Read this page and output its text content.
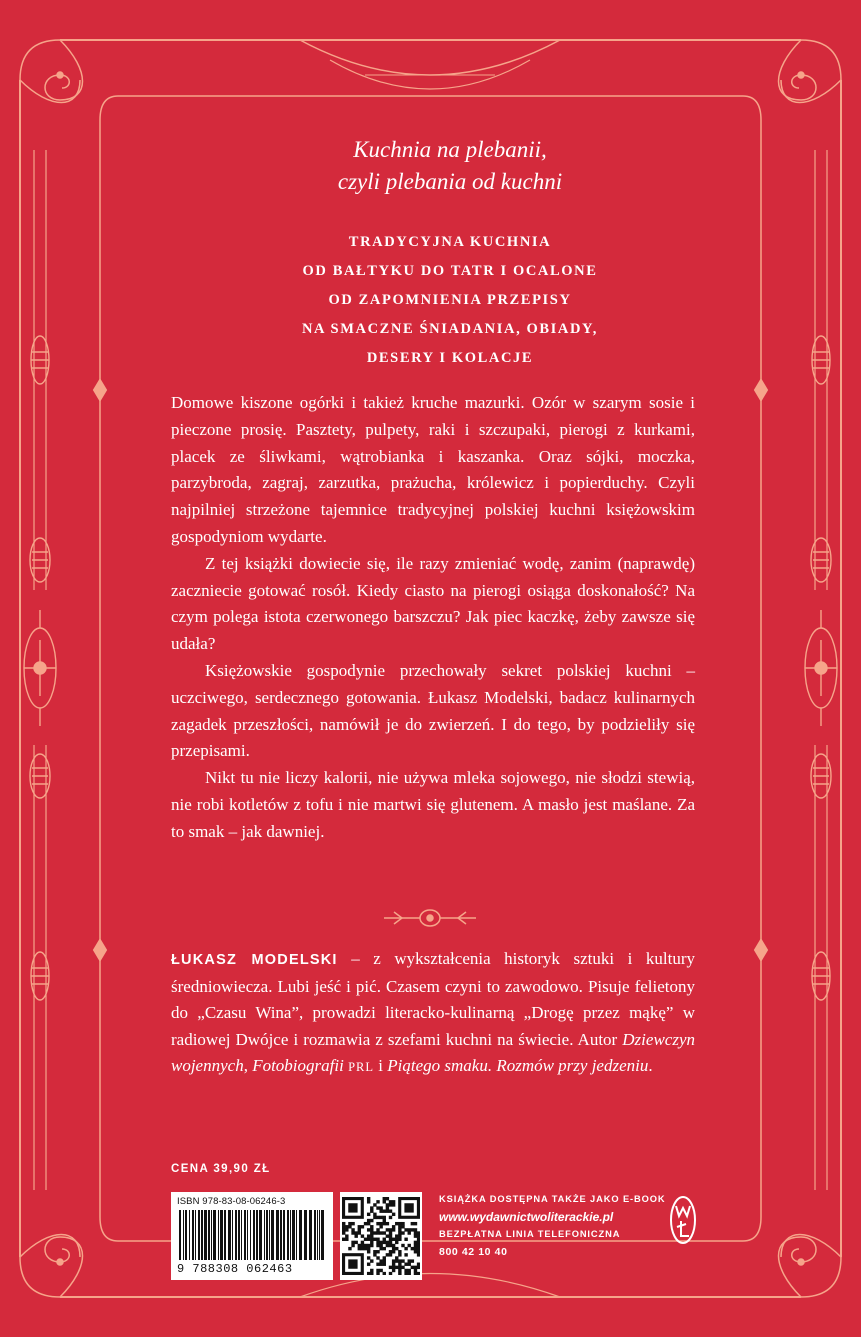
Kuchnia na plebanii,
czyli plebania od kuchni
TRADYCYJNA KUCHNIA
OD BAŁTYKU DO TATR I OCALONE
OD ZAPOMNIENIA PRZEPISY
NA SMACZNE ŚNIADANIA, OBIADY,
DESERY I KOLACJE

Domowe kiszone ogórki i takież kruche mazurki. Ozór w szarym sosie i pieczone prosię. Pasztety, pulpety, raki i szczupaki, pierogi z kurkami, placek ze śliwkami, wątrobianka i kaszanka. Oraz sójki, moczka, parzybroda, zagraj, zarzutka, prażucha, królewicz i popierduchy. Czyli najpilniej strzeżone tajemnice tradycyjnej polskiej kuchni księżowskim gospodyniom wydarte.

Z tej książki dowiecie się, ile razy zmieniać wodę, zanim (naprawdę) zaczniecie gotować rosół. Kiedy ciasto na pierogi osiąga doskonałość? Na czym polega istota czerwonego barszczu? Jak piec kaczkę, żeby zawsze się udała?

Księżowskie gospodynie przechowały sekret polskiej kuchni – uczciwego, serdecznego gotowania. Łukasz Modelski, badacz kulinarnych zagadek przeszłości, namówił je do zwierzeń. I do tego, by podzieliły się przepisami.

Nikt tu nie liczy kalorii, nie używa mleka sojowego, nie słodzi stewią, nie robi kotletów z tofu i nie martwi się glutenem. A masło jest maślane. Za to smak – jak dawniej.

ŁUKASZ MODELSKI – z wykształcenia historyk sztuki i kultury średniowiecza. Lubi jeść i pić. Czasem czyni to zawodowo. Pisuje felietony do „Czasu Wina”, prowadzi literacko-kulinarną „Drogę przez mąkę” w radiowej Dwójce i rozmawia z szefami kuchni na świecie. Autor Dziewczyn wojennych, Fotobiografii PRL i Piątego smaku. Rozmów przy jedzeniu.
CENA 39,90 ZŁ
ISBN 978-83-08-06246-3
9 788308 062463
KSIĄŻKA DOSTĘPNA TAKŻE JAKO E-BOOK
www.wydawnictwoliterackie.pl
BEZPŁATNA LINIA TELEFONICZNA
800 42 10 40
